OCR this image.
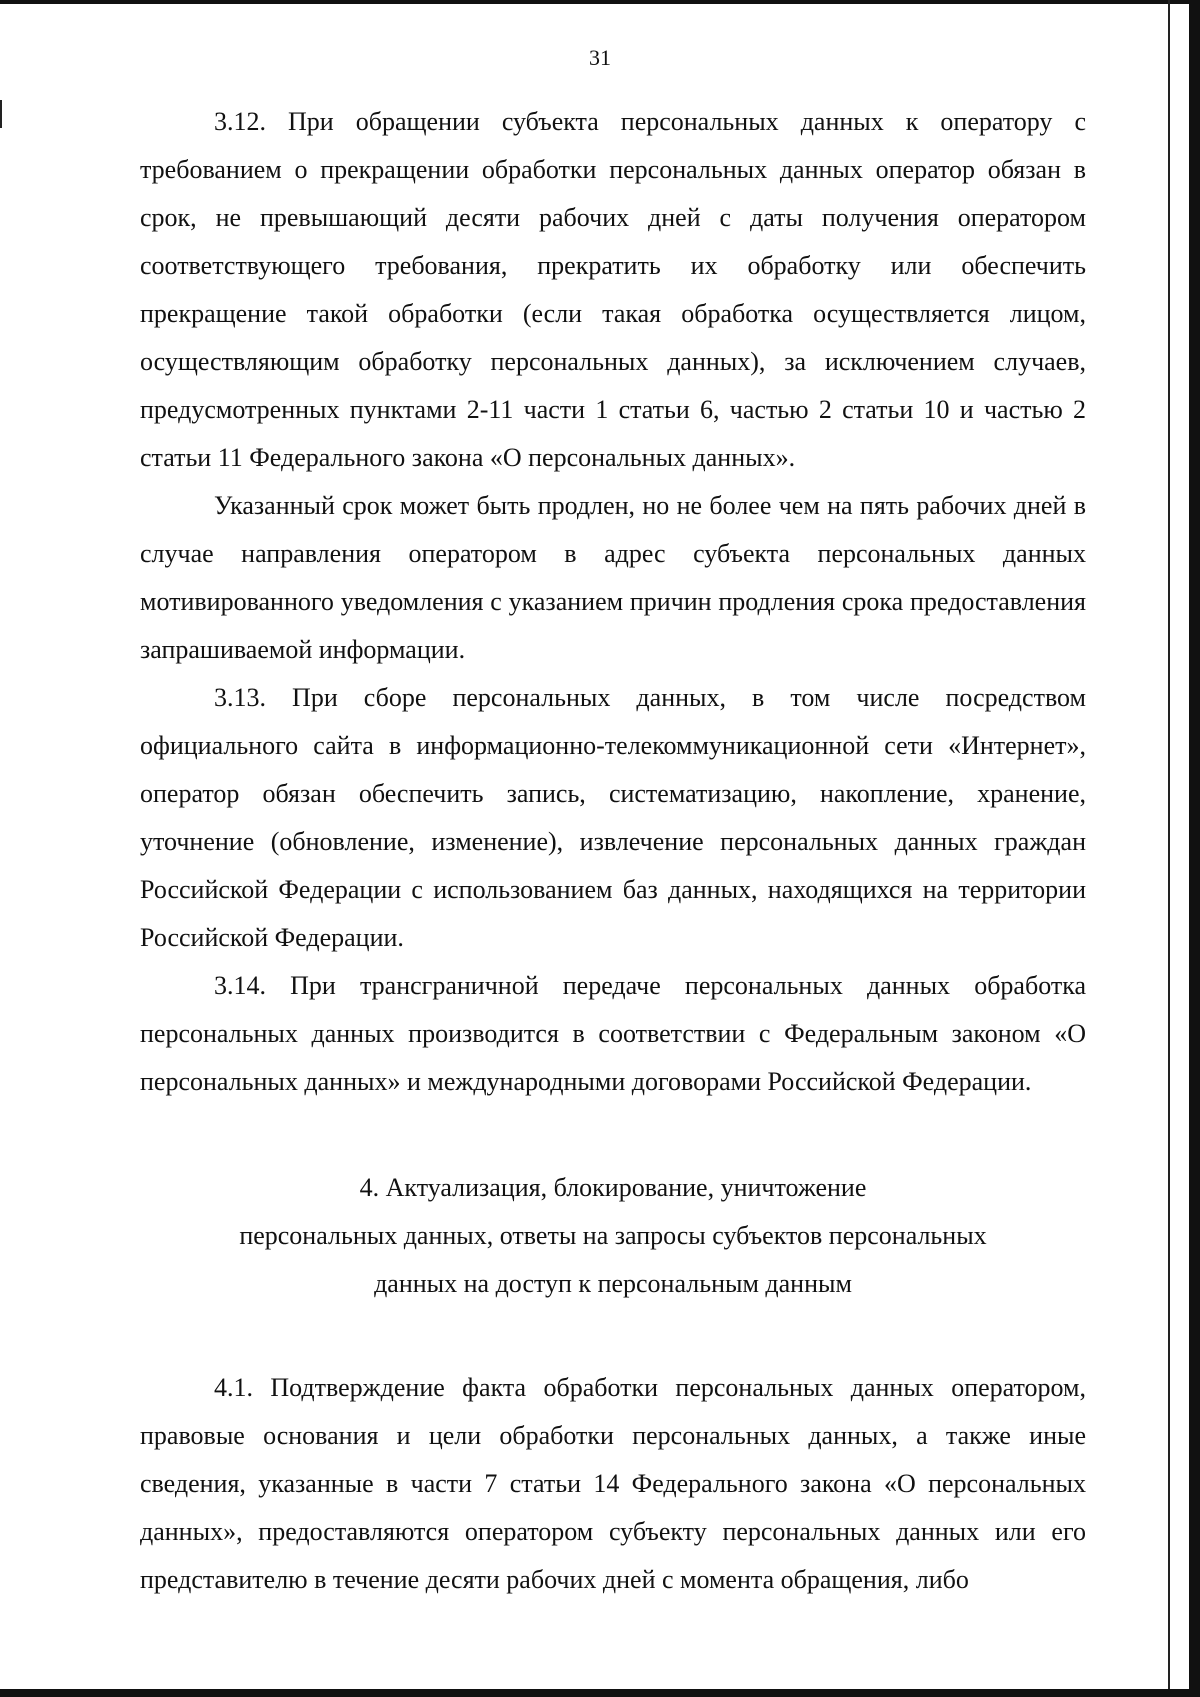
31

3.12. При обращении субъекта персональных данных к оператору с требованием о прекращении обработки персональных данных оператор обязан в срок, не превышающий десяти рабочих дней с даты получения оператором соответствующего требования, прекратить их обработку или обеспечить прекращение такой обработки (если такая обработка осуществляется лицом, осуществляющим обработку персональных данных), за исключением случаев, предусмотренных пунктами 2-11 части 1 статьи 6, частью 2 статьи 10 и частью 2 статьи 11 Федерального закона «О персональных данных».

Указанный срок может быть продлен, но не более чем на пять рабочих дней в случае направления оператором в адрес субъекта персональных данных мотивированного уведомления с указанием причин продления срока предоставления запрашиваемой информации.

3.13. При сборе персональных данных, в том числе посредством официального сайта в информационно-телекоммуникационной сети «Интернет», оператор обязан обеспечить запись, систематизацию, накопление, хранение, уточнение (обновление, изменение), извлечение персональных данных граждан Российской Федерации с использованием баз данных, находящихся на территории Российской Федерации.

3.14. При трансграничной передаче персональных данных обработка персональных данных производится в соответствии с Федеральным законом «О персональных данных» и международными договорами Российской Федерации.

4. Актуализация, блокирование, уничтожение
персональных данных, ответы на запросы субъектов персональных
данных на доступ к персональным данным

4.1. Подтверждение факта обработки персональных данных оператором, правовые основания и цели обработки персональных данных, а также иные сведения, указанные в части 7 статьи 14 Федерального закона «О персональных данных», предоставляются оператором субъекту персональных данных или его представителю в течение десяти рабочих дней с момента обращения, либо
